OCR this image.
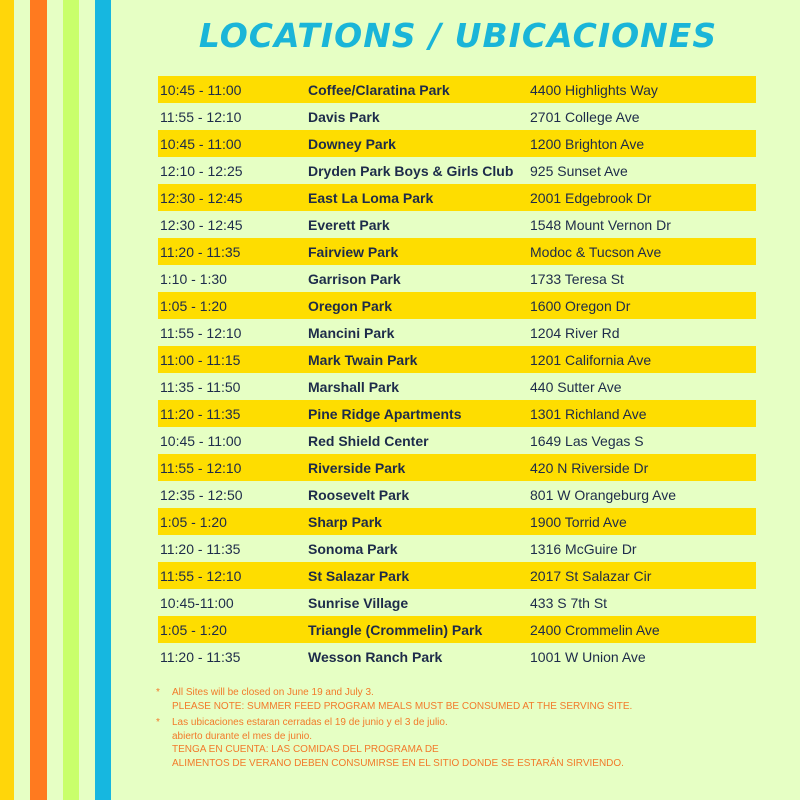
LOCATIONS / UBICACIONES
10:45 - 11:00	Coffee/Claratina Park	4400 Highlights Way
11:55 - 12:10	Davis Park	2701 College Ave
10:45 - 11:00	Downey Park	1200 Brighton Ave
12:10 - 12:25	Dryden Park Boys & Girls Club	925 Sunset Ave
12:30 - 12:45	East La Loma Park	2001 Edgebrook Dr
12:30 - 12:45	Everett Park	1548 Mount Vernon Dr
11:20 - 11:35	Fairview Park	Modoc & Tucson Ave
1:10 - 1:30	Garrison Park	1733 Teresa St
1:05 - 1:20	Oregon Park	1600 Oregon Dr
11:55 - 12:10	Mancini Park	1204 River Rd
11:00 - 11:15	Mark Twain Park	1201 California Ave
11:35 - 11:50	Marshall Park	440 Sutter Ave
11:20 - 11:35	Pine Ridge Apartments	1301 Richland Ave
10:45 - 11:00	Red Shield Center	1649 Las Vegas S
11:55 - 12:10	Riverside Park	420 N Riverside Dr
12:35 - 12:50	Roosevelt Park	801 W Orangeburg Ave
1:05 - 1:20	Sharp Park	1900 Torrid Ave
11:20 - 11:35	Sonoma Park	1316 McGuire Dr
11:55 - 12:10	St Salazar Park	2017 St Salazar Cir
10:45-11:00	Sunrise Village	433 S 7th St
1:05 - 1:20	Triangle (Crommelin) Park	2400 Crommelin Ave
11:20 - 11:35	Wesson Ranch Park	1001 W Union Ave
* All Sites will be closed on June 19 and July 3.
PLEASE NOTE: SUMMER FEED PROGRAM MEALS MUST BE CONSUMED AT THE SERVING SITE.
* Las ubicaciones estaran cerradas el 19 de junio y el 3 de julio.
abierto durante el mes de junio.
TENGA EN CUENTA: LAS COMIDAS DEL PROGRAMA DE
ALIMENTOS DE VERANO DEBEN CONSUMIRSE EN EL SITIO DONDE SE ESTARÁN SIRVIENDO.
